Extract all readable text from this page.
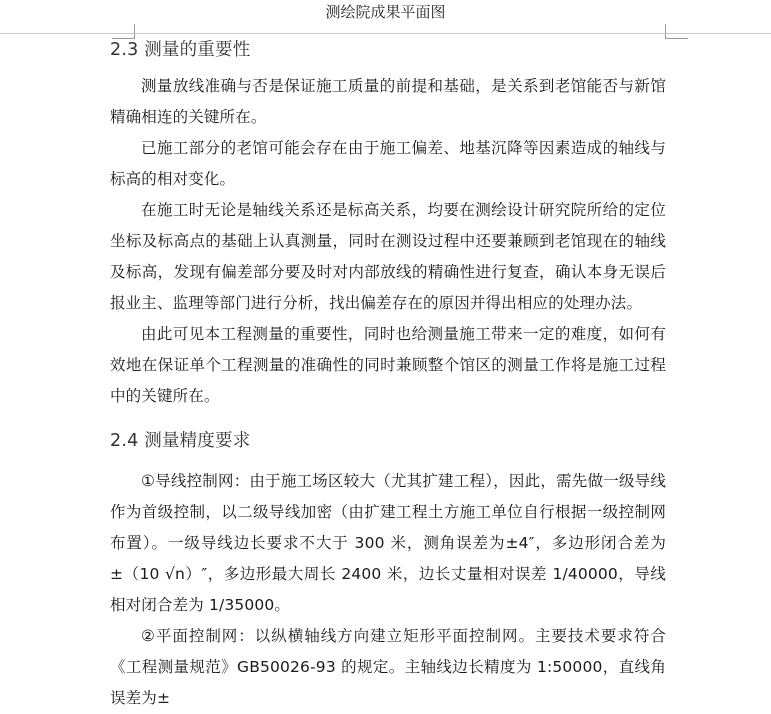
测绘院成果平面图
2.3 测量的重要性

测量放线准确与否是保证施工质量的前提和基础，是关系到老馆能否与新馆精确相连的关键所在。

已施工部分的老馆可能会存在由于施工偏差、地基沉降等因素造成的轴线与标高的相对变化。

在施工时无论是轴线关系还是标高关系，均要在测绘设计研究院所给的定位坐标及标高点的基础上认真测量，同时在测设过程中还要兼顾到老馆现在的轴线及标高，发现有偏差部分要及时对内部放线的精确性进行复查，确认本身无误后报业主、监理等部门进行分析，找出偏差存在的原因并得出相应的处理办法。

由此可见本工程测量的重要性，同时也给测量施工带来一定的难度，如何有效地在保证单个工程测量的准确性的同时兼顾整个馆区的测量工作将是施工过程中的关键所在。

2.4 测量精度要求

①导线控制网：由于施工场区较大（尤其扩建工程），因此，需先做一级导线作为首级控制，以二级导线加密（由扩建工程土方施工单位自行根据一级控制网布置）。一级导线边长要求不大于 300 米，测角误差为±4″，多边形闭合差为±（10 √n）″，多边形最大周长 2400 米，边长丈量相对误差 1/40000，导线相对闭合差为 1/35000。

②平面控制网：以纵横轴线方向建立矩形平面控制网。主要技术要求符合《工程测量规范》GB50026-93 的规定。主轴线边长精度为 1:50000，直线角误差为±
